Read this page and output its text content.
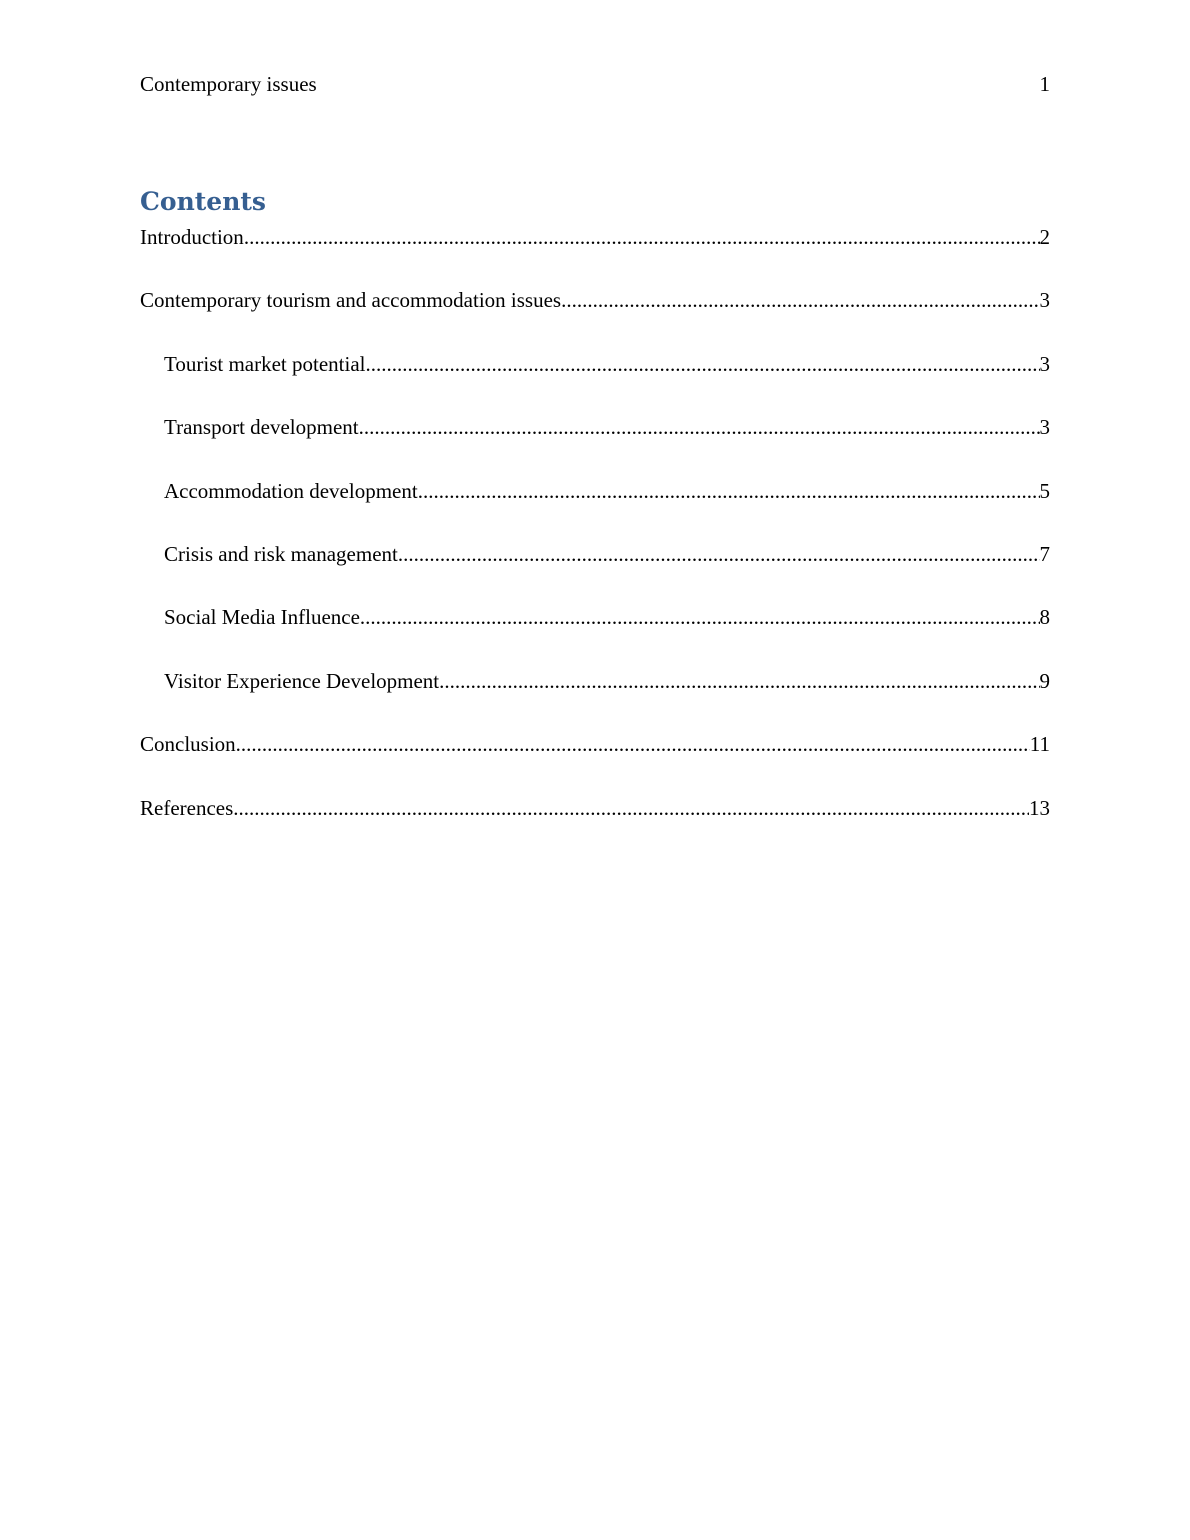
Contemporary issues	1
Contents
Introduction .....	2
Contemporary tourism and accommodation issues .....	3
Tourist market potential .....	3
Transport development .....	3
Accommodation development .....	5
Crisis and risk management .....	7
Social Media Influence .....	8
Visitor Experience Development .....	9
Conclusion .....	11
References .....	13
